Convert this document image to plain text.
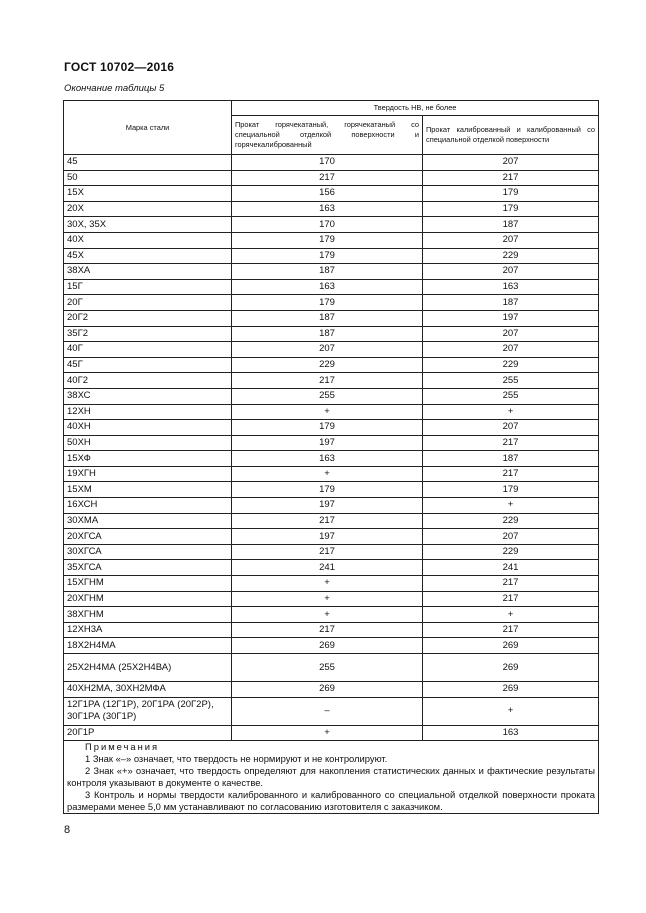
ГОСТ 10702—2016
Окончание таблицы 5
Марка стали	Твердость НВ, не более	
	Прокат горячекатаный, горячекатаный со специальной отделкой поверхности и горячекалиброванный	Прокат калиброванный и калиброванный со специальной отделкой поверхности
45	170	207
50	217	217
15Х	156	179
20Х	163	179
30Х, 35Х	170	187
40Х	179	207
45Х	179	229
38ХА	187	207
15Г	163	163
20Г	179	187
20Г2	187	197
35Г2	187	207
40Г	207	207
45Г	229	229
40Г2	217	255
38ХС	255	255
12ХН	+	+
40ХН	179	207
50ХН	197	217
15ХФ	163	187
19ХГН	+	217
15ХМ	179	179
16ХСН	197	+
30ХМА	217	229
20ХГСА	197	207
30ХГСА	217	229
35ХГСА	241	241
15ХГНМ	+	217
20ХГНМ	+	217
38ХГНМ	+	+
12ХН3А	217	217
18Х2Н4МА	269	269
25Х2Н4МА (25Х2Н4ВА)	255	269
40ХН2МА, 30ХН2МФА	269	269
12Г1РА (12Г1Р), 20Г1РА (20Г2Р), 30Г1РА (30Г1Р)	–	+
20Г1Р	+	163

Примечания
1 Знак «–» означает, что твердость не нормируют и не контролируют.
2 Знак «+» означает, что твердость определяют для накопления статистических данных и фактические результаты контроля указывают в документе о качестве.
3 Контроль и нормы твердости калиброванного и калиброванного со специальной отделкой поверхности проката размерами менее 5,0 мм устанавливают по согласованию изготовителя с заказчиком.		
8
